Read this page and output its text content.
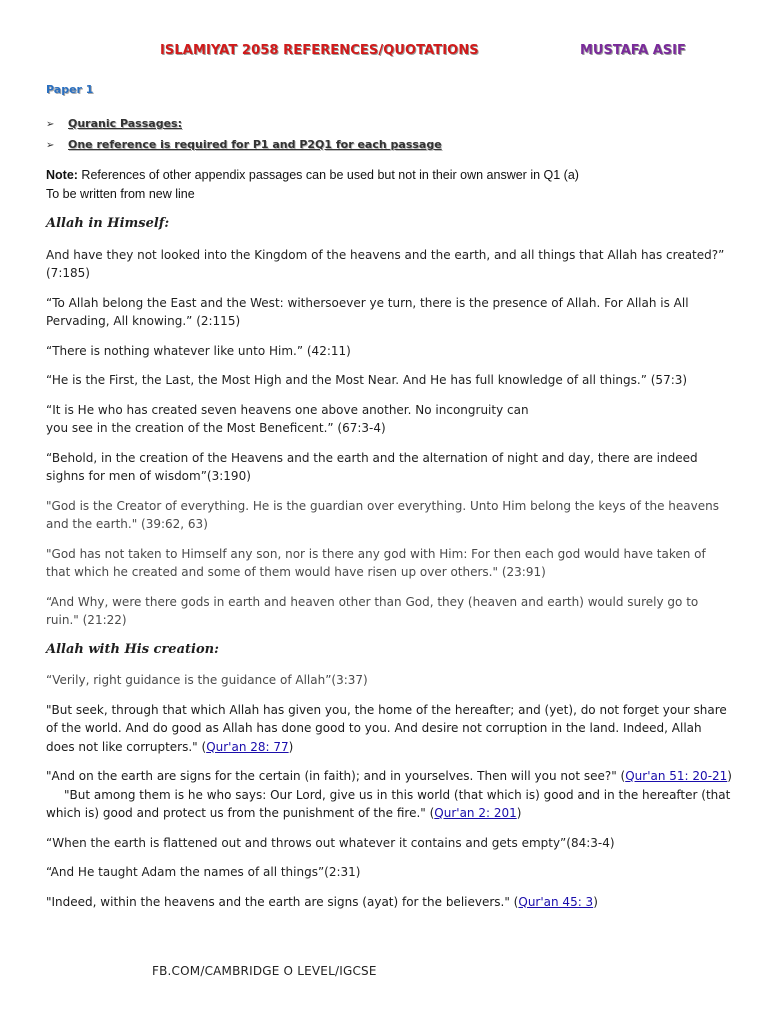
ISLAMIYAT 2058 REFERENCES/QUOTATIONS	MUSTAFA ASIF
Paper 1
➢ Quranic Passages:
➢ One reference is required for P1 and P2Q1 for each passage
Note: References of other appendix passages can be used but not in their own answer in Q1 (a)
To be written from new line
Allah in Himself:
And have they not looked into the Kingdom of the heavens and the earth, and all things that Allah has created?” (7:185)
“To Allah belong the East and the West: withersoever ye turn, there is the presence of Allah. For Allah is All Pervading, All knowing.” (2:115)
“There is nothing whatever like unto Him.” (42:11)
“He is the First, the Last, the Most High and the Most Near. And He has full knowledge of all things.” (57:3)
“It is He who has created seven heavens one above another. No incongruity can
you see in the creation of the Most Beneficent.” (67:3-4)
“Behold, in the creation of the Heavens and the earth and the alternation of night and day, there are indeed sighns for men of wisdom”(3:190)
"God is the Creator of everything. He is the guardian over everything. Unto Him belong the keys of the heavens and the earth." (39:62, 63)
"God has not taken to Himself any son, nor is there any god with Him: For then each god would have taken of that which he created and some of them would have risen up over others." (23:91)
“And Why, were there gods in earth and heaven other than God, they (heaven and earth) would surely go to ruin." (21:22)
Allah with His creation:
“Verily, right guidance is the guidance of Allah”(3:37)
"But seek, through that which Allah has given you, the home of the hereafter; and (yet), do not forget your share of the world. And do good as Allah has done good to you. And desire not corruption in the land. Indeed, Allah does not like corrupters." (Qur'an 28: 77)
"And on the earth are signs for the certain (in faith); and in yourselves. Then will you not see?" (Qur'an 51: 20-21)"But among them is he who says: Our Lord, give us in this world (that which is) good and in the hereafter (that which is) good and protect us from the punishment of the fire." (Qur'an 2: 201)
“When the earth is flattened out and throws out whatever it contains and gets empty”(84:3-4)
“And He taught Adam the names of all things”(2:31)
"Indeed, within the heavens and the earth are signs (ayat) for the believers." (Qur'an 45: 3)
FB.COM/CAMBRIDGE O LEVEL/IGCSE
